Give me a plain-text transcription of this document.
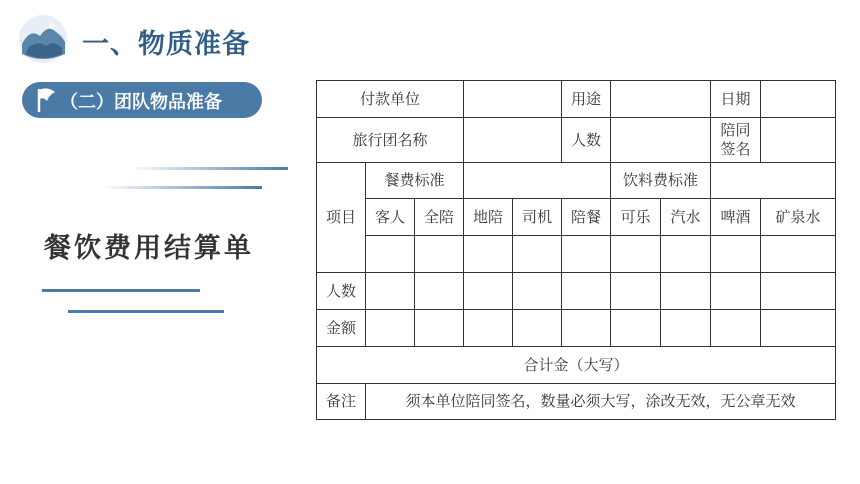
一、物质准备
（二）团队物品准备
餐饮费用结算单
付款单位					用途			日期	
旅行团名称					人数			陪同签名	
项目	餐费标准					饮料费标准			
	客人	全陪	地陪	司机	陪餐	可乐	汽水	啤酒	矿泉水

人数									
金额									
合计金（大写）									
备注	须本单位陪同签名，数量必须大写，涂改无效，无公章无效								
